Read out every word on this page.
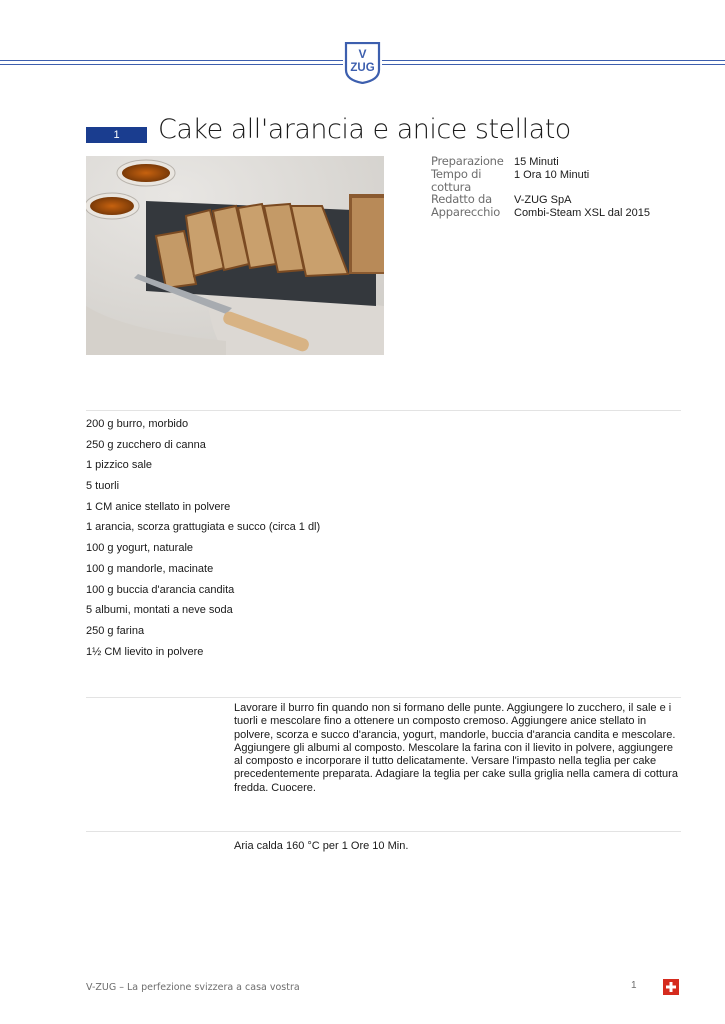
V
ZUG
1	Cake all'arancia e anice stellato
Preparazione 15 Minuti
Tempo di cottura
1 Ora 10 Minuti
Redatto da V-ZUG SpA
Apparecchio Combi-Steam XSL dal 2015
200 g burro, morbido
250 g zucchero di canna
1 pizzico sale
5 tuorli
1 CM anice stellato in polvere
1 arancia, scorza grattugiata e succo (circa 1 dl)
100 g yogurt, naturale
100 g mandorle, macinate
100 g buccia d'arancia candita
5 albumi, montati a neve soda
250 g farina
1½ CM lievito in polvere

Lavorare il burro fin quando non si formano delle punte. Aggiungere lo zucchero, il sale e i tuorli e mescolare fino a ottenere un composto cremoso. Aggiungere anice stellato in polvere, scorza e succo d'arancia, yogurt, mandorle, buccia d'arancia candita e mescolare. Aggiungere gli albumi al composto. Mescolare la farina con il lievito in polvere, aggiungere al composto e incorporare il tutto delicatamente. Versare l'impasto nella teglia per cake precedentemente preparata. Adagiare la teglia per cake sulla griglia nella camera di cottura fredda. Cuocere.

Aria calda 160 °C per 1 Ore 10 Min.

V-ZUG – La perfezione svizzera a casa vostra	1
